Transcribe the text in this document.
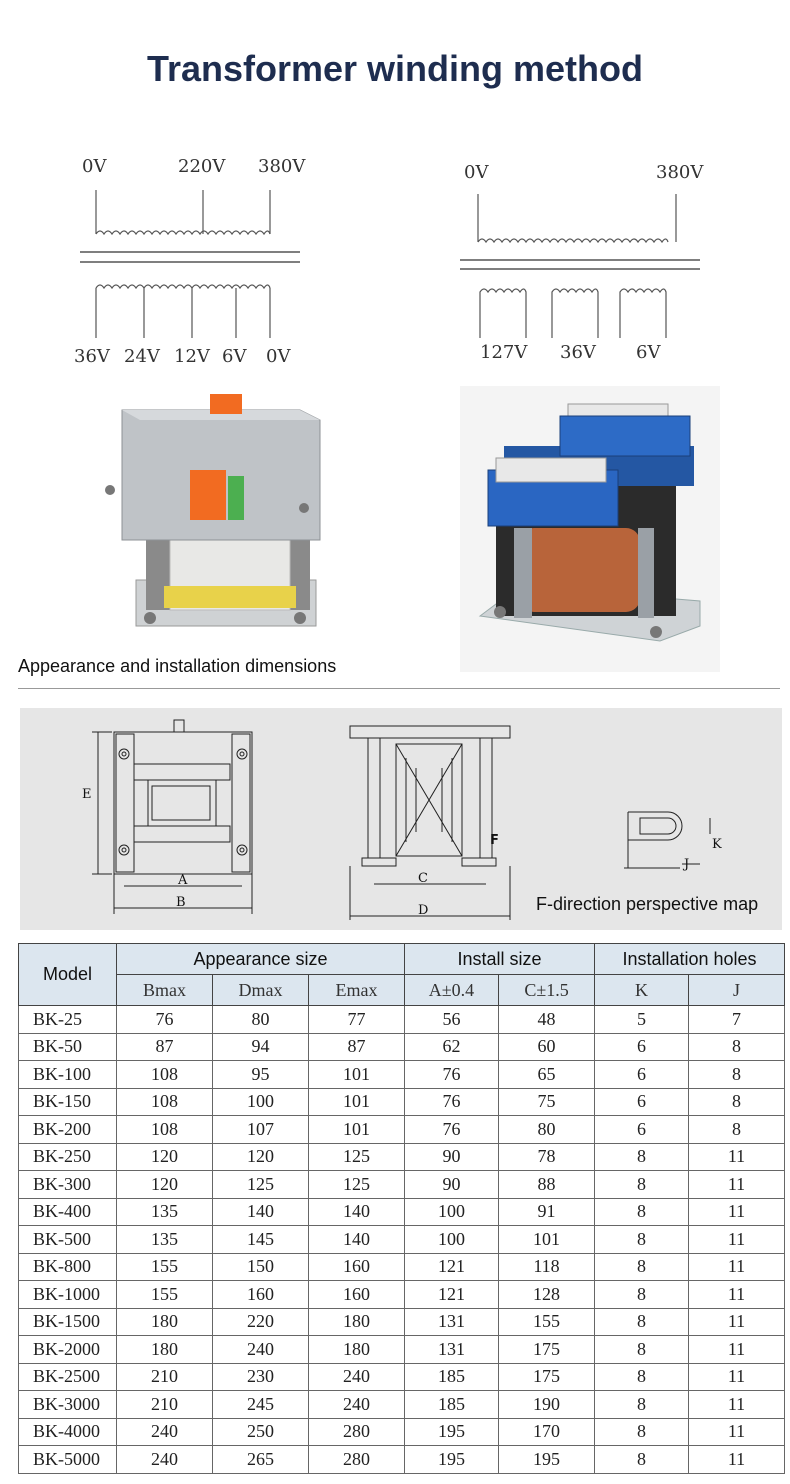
Transformer winding method
0V	220V 380V
36V 24V 12V 6V 0V
0V	380V
127V 36V 6V
Appearance and installation dimensions
E
A
B
C
D
F	K
J
F-direction perspective map
Model	Appearance size			Install size		Installation holes	
	Bmax	Dmax	Emax	A±0.4	C±1.5	K	J
BK-25	76	80	77	56	48	5	7
BK-50	87	94	87	62	60	6	8
BK-100	108	95	101	76	65	6	8
BK-150	108	100	101	76	75	6	8
BK-200	108	107	101	76	80	6	8
BK-250	120	120	125	90	78	8	11
BK-300	120	125	125	90	88	8	11
BK-400	135	140	140	100	91	8	11
BK-500	135	145	140	100	101	8	11
BK-800	155	150	160	121	118	8	11
BK-1000	155	160	160	121	128	8	11
BK-1500	180	220	180	131	155	8	11
BK-2000	180	240	180	131	175	8	11
BK-2500	210	230	240	185	175	8	11
BK-3000	210	245	240	185	190	8	11
BK-4000	240	250	280	195	170	8	11
BK-5000	240	265	280	195	195	8	11
